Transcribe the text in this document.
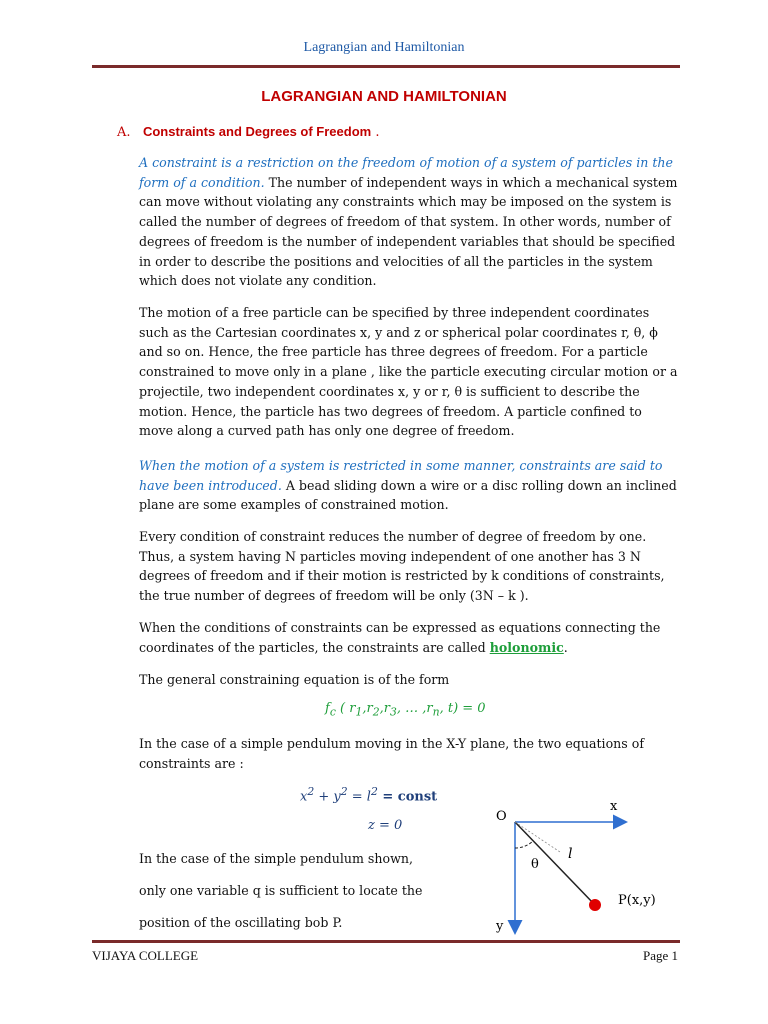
Lagrangian and Hamiltonian
LAGRANGIAN AND HAMILTONIAN
A. Constraints and Degrees of Freedom .
A constraint is a restriction on the freedom of motion of a system of particles in the form of a condition. The number of independent ways in which a mechanical system can move without violating any constraints which may be imposed on the system is called the number of degrees of freedom of that system. In other words, number of degrees of freedom is the number of independent variables that should be specified in order to describe the positions and velocities of all the particles in the system which does not violate any condition.
The motion of a free particle can be specified by three independent coordinates such as the Cartesian coordinates x, y and z or spherical polar coordinates r, θ, ϕ and so on. Hence, the free particle has three degrees of freedom. For a particle constrained to move only in a plane , like the particle executing circular motion or a projectile, two independent coordinates x, y or r, θ is sufficient to describe the motion. Hence, the particle has two degrees of freedom. A particle confined to move along a curved path has only one degree of freedom.
When the motion of a system is restricted in some manner, constraints are said to have been introduced. A bead sliding down a wire or a disc rolling down an inclined plane are some examples of constrained motion.
Every condition of constraint reduces the number of degree of freedom by one. Thus, a system having N particles moving independent of one another has 3 N degrees of freedom and if their motion is restricted by k conditions of constraints, the true number of degrees of freedom will be only (3N – k ).
When the conditions of constraints can be expressed as equations connecting the coordinates of the particles, the constraints are called holonomic.
The general constraining equation is of the form
$f_c$ ( $r_1,r_2,r_3$, … $,r_n$, t) = 0
In the case of a simple pendulum moving in the X-Y plane, the two equations of constraints are :
$x^2 + y^2 = l^2$ = const
z = 0
In the case of the simple pendulum shown,
only one variable q is sufficient to locate the
position of the oscillating bob P.
O
x
y
l
θ
P(x,y)
VIJAYA COLLEGE	Page 1
